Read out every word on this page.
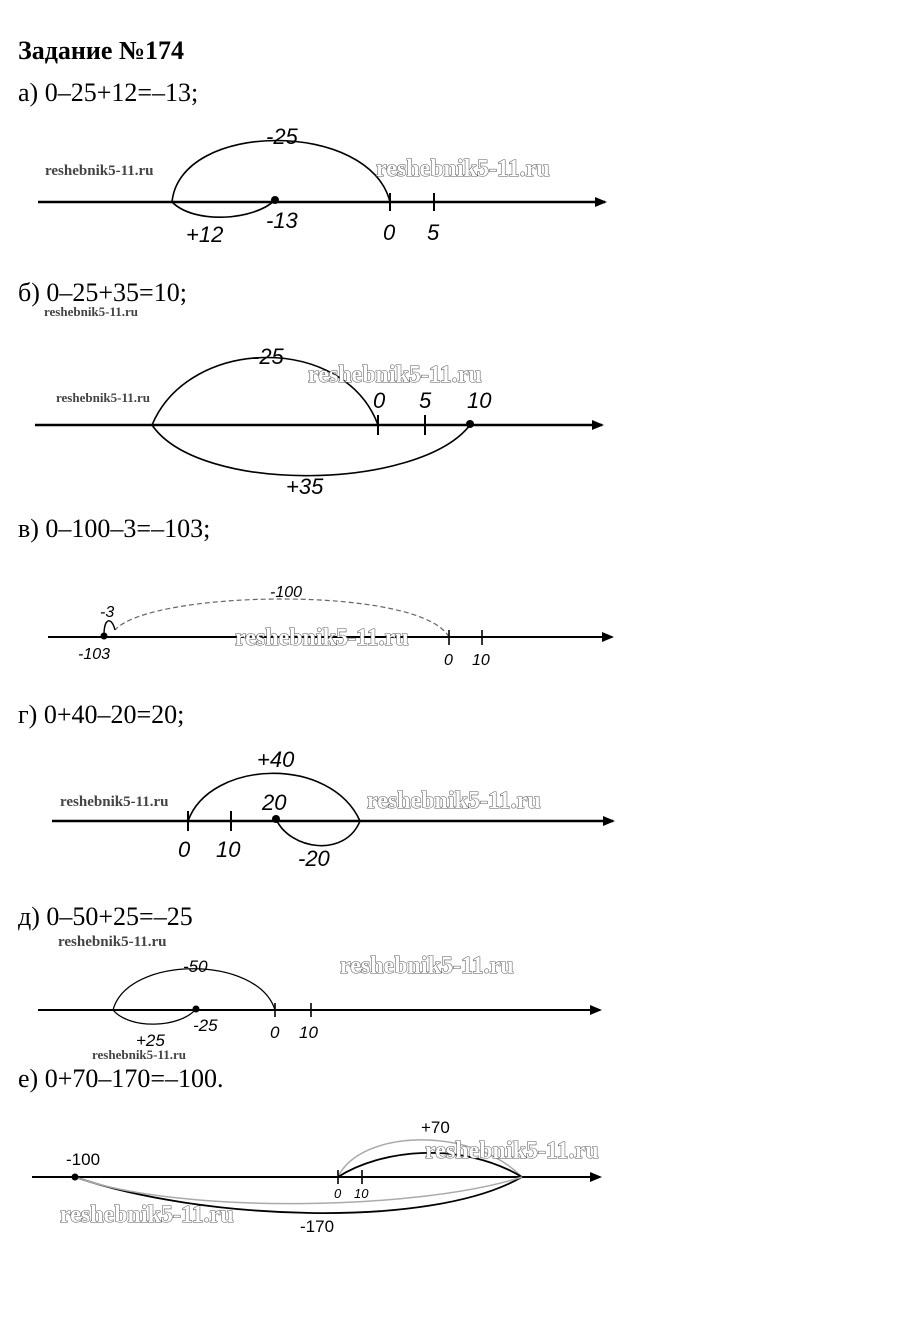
Задание №174
а) 0–25+12=–13;
б) 0–25+35=10;
в) 0–100–3=–103;
г) 0+40–20=20;
д) 0–50+25=–25
е) 0+70–170=–100.
-25
+12
-13	0 5
reshebnik5-11.ru	reshebnik5-11.ru
-25
+35
0 5 10
reshebnik5-11.ru
reshebnik5-11.ru
reshebnik5-11.ru
-100
-3
-103	0 10
reshebnik5-11.ru
+40
-20
20
0 10
reshebnik5-11.ru	reshebnik5-11.ru
-50
+25
-25	0 10
reshebnik5-11.ru
reshebnik5-11.ru
reshebnik5-11.ru
+70
-170
-100
0 10
reshebnik5-11.ru
reshebnik5-11.ru
